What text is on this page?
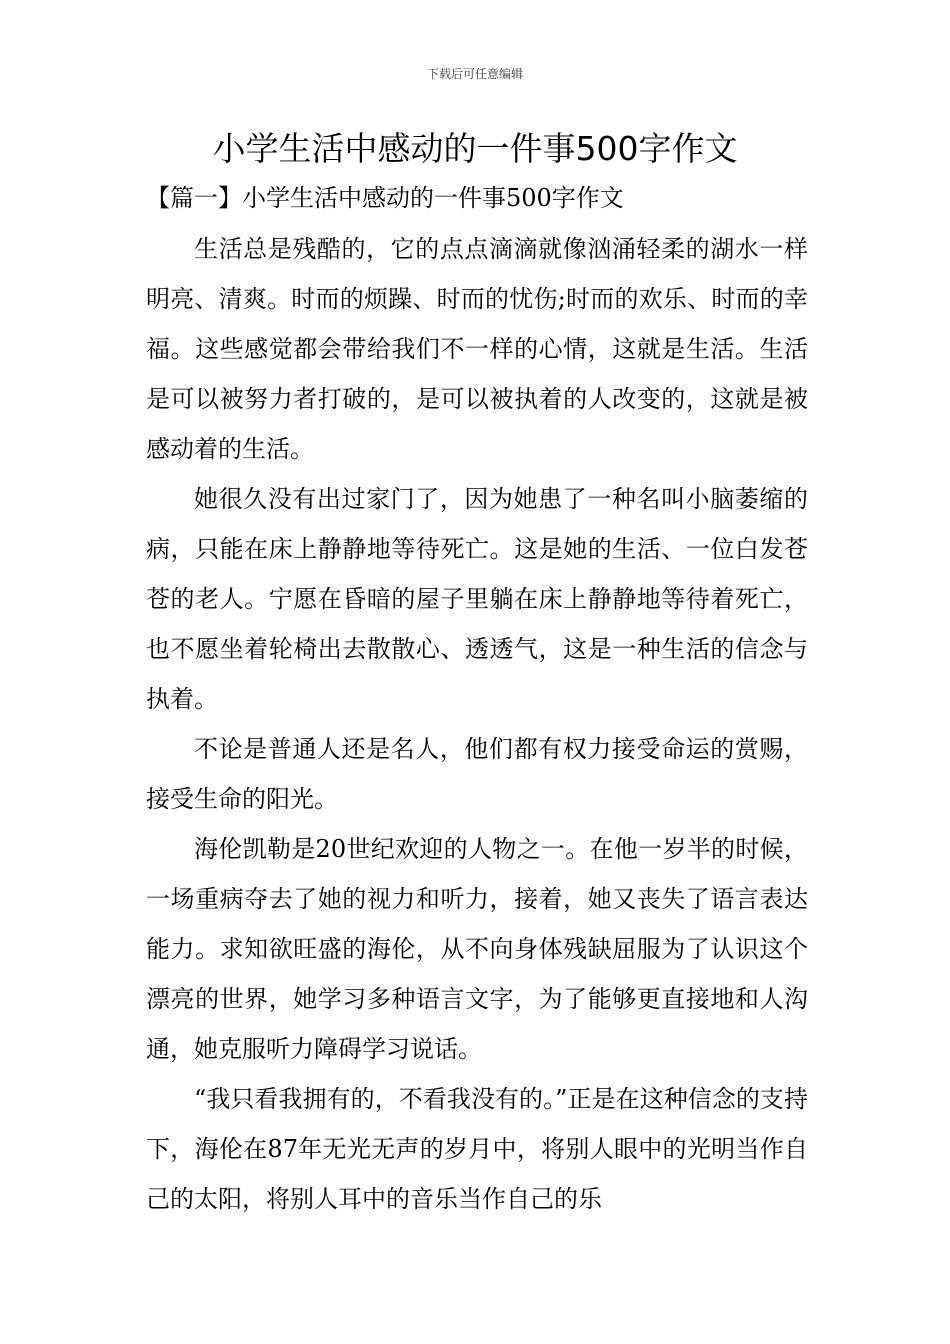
下载后可任意编辑
小学生活中感动的一件事500字作文
【篇一】小学生活中感动的一件事500字作文

生活总是残酷的，它的点点滴滴就像汹涌轻柔的湖水一样明亮、清爽。时而的烦躁、时而的忧伤;时而的欢乐、时而的幸福。这些感觉都会带给我们不一样的心情，这就是生活。生活是可以被努力者打破的，是可以被执着的人改变的，这就是被感动着的生活。

她很久没有出过家门了，因为她患了一种名叫小脑萎缩的病，只能在床上静静地等待死亡。这是她的生活、一位白发苍苍的老人。宁愿在昏暗的屋子里躺在床上静静地等待着死亡，也不愿坐着轮椅出去散散心、透透气，这是一种生活的信念与执着。

不论是普通人还是名人，他们都有权力接受命运的赏赐，接受生命的阳光。

海伦凯勒是20世纪欢迎的人物之一。在他一岁半的时候，一场重病夺去了她的视力和听力，接着，她又丧失了语言表达能力。求知欲旺盛的海伦，从不向身体残缺屈服为了认识这个漂亮的世界，她学习多种语言文字，为了能够更直接地和人沟通，她克服听力障碍学习说话。

“我只看我拥有的，不看我没有的。”正是在这种信念的支持下，海伦在87年无光无声的岁月中，将别人眼中的光明当作自己的太阳，将别人耳中的音乐当作自己的乐
